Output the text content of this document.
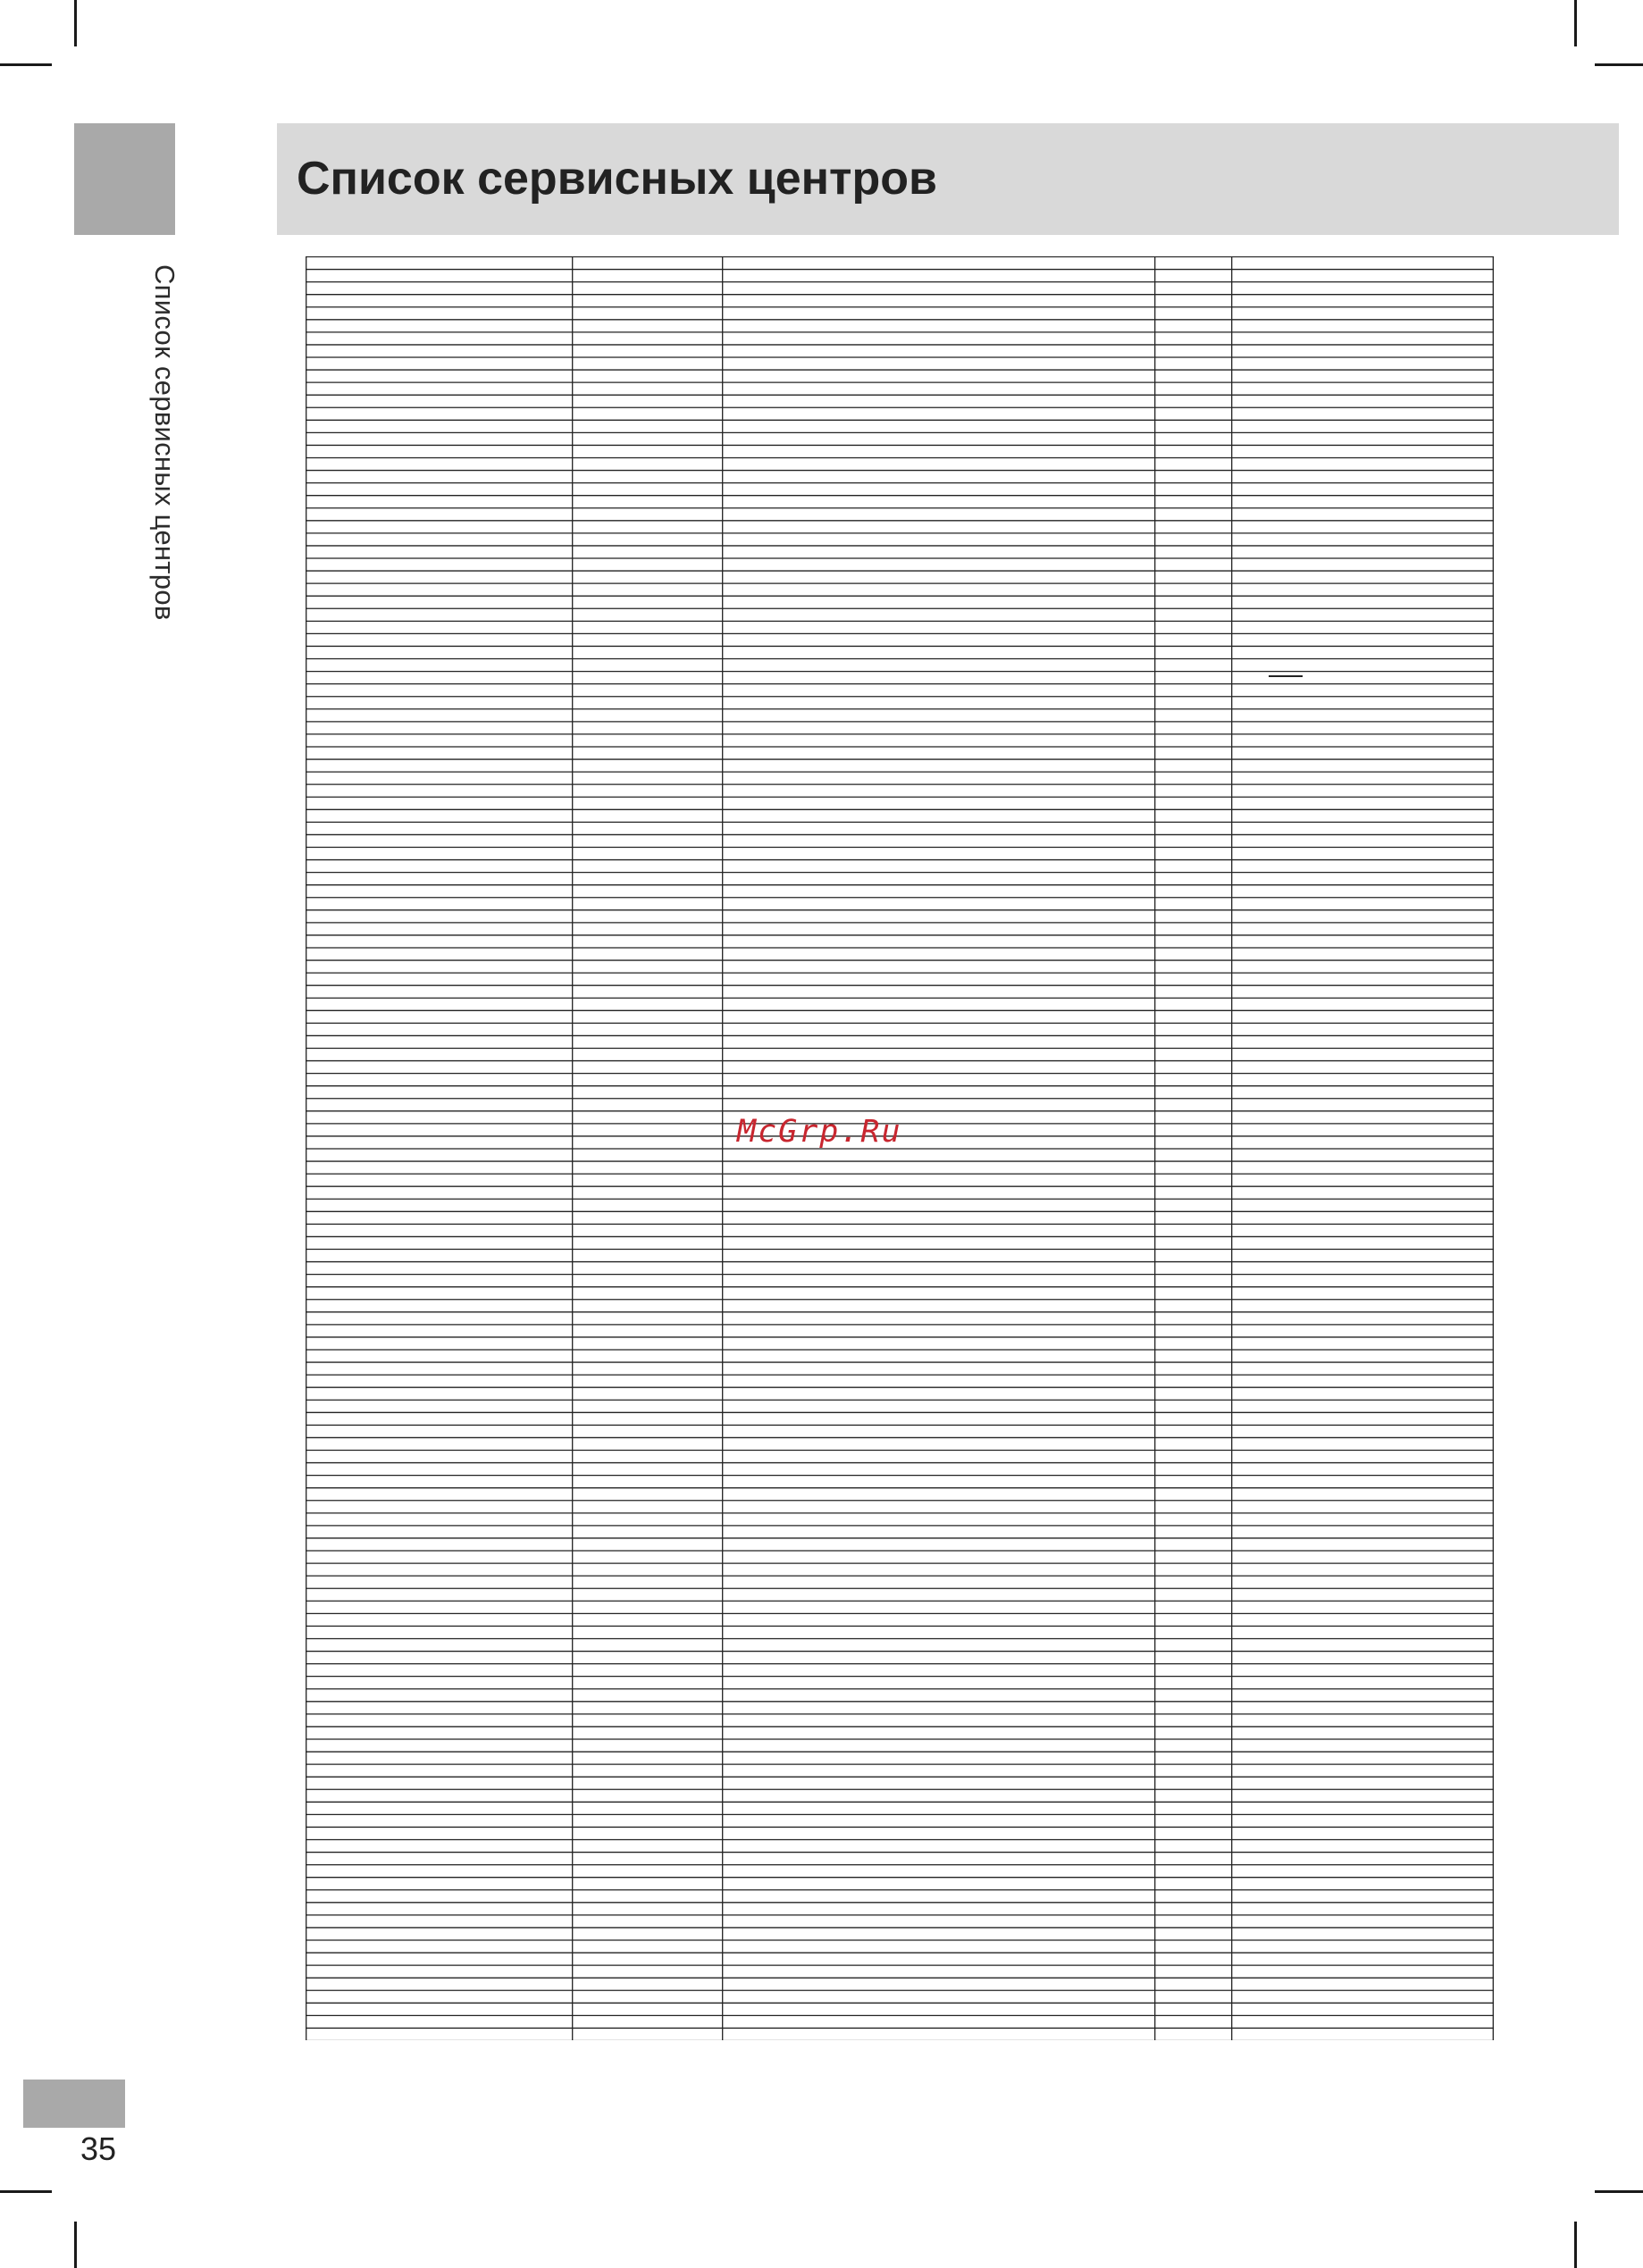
Список сервисных центров
Список сервисных центров
McGrp.Ru
35
